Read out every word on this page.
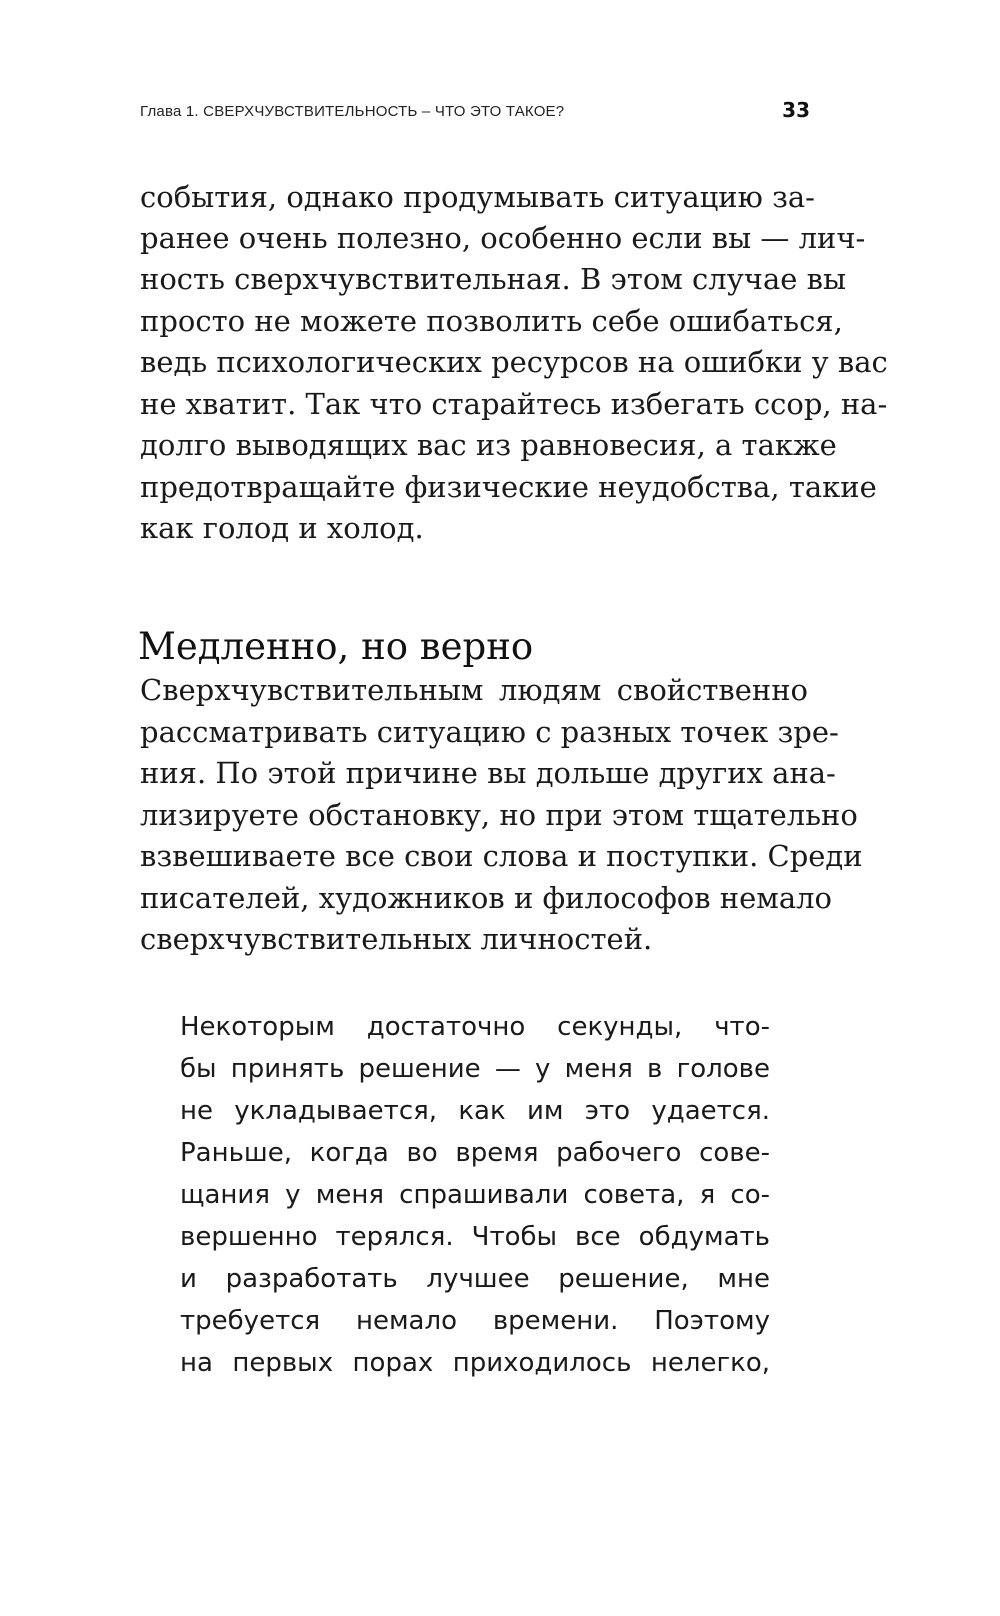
Глава 1. СВЕРХЧУВСТВИТЕЛЬНОСТЬ – ЧТО ЭТО ТАКОЕ?	33

события, однако продумывать ситуацию за-

ранее очень полезно, особенно если вы — лич-

ность сверхчувствительная. В этом случае вы

просто не можете позволить себе ошибаться,

ведь психологических ресурсов на ошибки у вас

не хватит. Так что старайтесь избегать ссор, на-

долго выводящих вас из равновесия, а также

предотвращайте физические неудобства, такие

как голод и холод.

Медленно, но верно

Сверхчувствительным людям свойственно

рассматривать ситуацию с разных точек зре-

ния. По этой причине вы дольше других ана-

лизируете обстановку, но при этом тщательно

взвешиваете все свои слова и поступки. Среди

писателей, художников и философов немало

сверхчувствительных личностей.

Некоторым достаточно секунды, что-

бы принять решение — у меня в голове

не укладывается, как им это удается.

Раньше, когда во время рабочего сове-

щания у меня спрашивали совета, я со-

вершенно терялся. Чтобы все обдумать

и разработать лучшее решение, мне

требуется немало времени. Поэтому

на первых порах приходилось нелегко,
